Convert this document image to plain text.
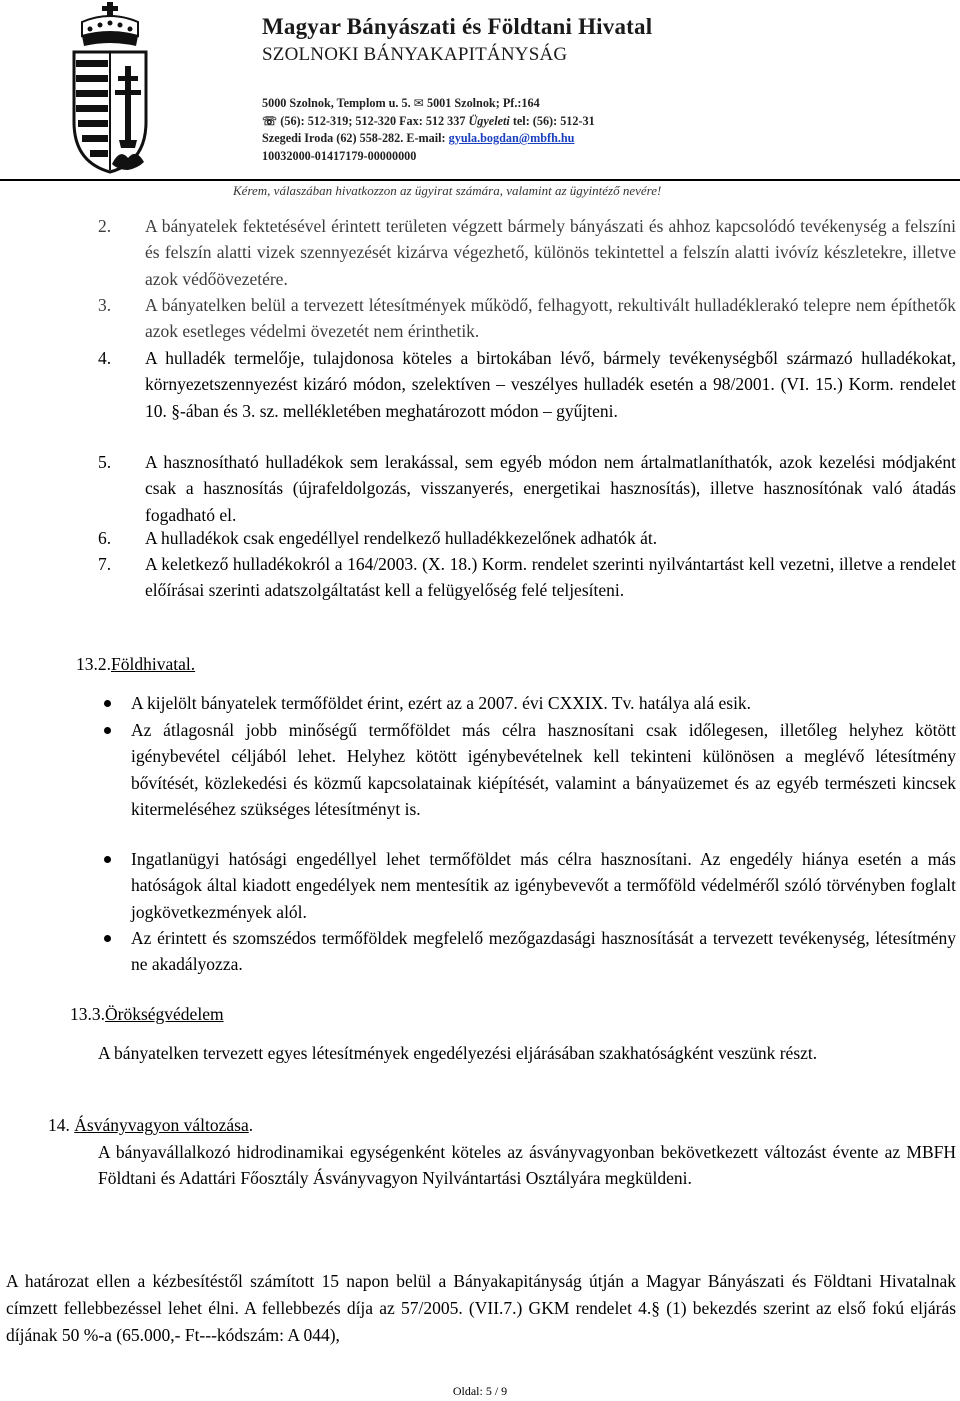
Magyar Bányászati és Földtani Hivatal
SZOLNOKI BÁNYAKAPITÁNYSÁG
5000 Szolnok, Templom u. 5. ✉ 5001 Szolnok; Pf.:164
☏ (56): 512-319; 512-320 Fax: 512 337 Ügyeleti tel: (56): 512-31
Szegedi Iroda (62) 558-282. E-mail: gyula.bogdan@mbfh.hu
10032000-01417179-00000000
Kérem, válaszában hivatkozzon az ügyirat számára, valamint az ügyintéző nevére!
2. A bányatelek fektetésével érintett területen végzett bármely bányászati és ahhoz kapcsolódó tevékenység a felszíni és felszín alatti vizek szennyezését kizárva végezhető, különös tekintettel a felszín alatti ivóvíz készletekre, illetve azok védőövezetére.
3. A bányatelken belül a tervezett létesítmények működő, felhagyott, rekultivált hulladéklerakó telepre nem építhetők azok esetleges védelmi övezetét nem érinthetik.
4. A hulladék termelője, tulajdonosa köteles a birtokában lévő, bármely tevékenységből származó hulladékokat, környezetszennyezést kizáró módon, szelektíven – veszélyes hulladék esetén a 98/2001. (VI. 15.) Korm. rendelet 10. §-ában és 3. sz. mellékletében meghatározott módon – gyűjteni.
5. A hasznosítható hulladékok sem lerakással, sem egyéb módon nem ártalmatlaníthatók, azok kezelési módjaként csak a hasznosítás (újrafeldolgozás, visszanyerés, energetikai hasznosítás), illetve hasznosítónak való átadás fogadható el.
6. A hulladékok csak engedéllyel rendelkező hulladékkezelőnek adhatók át.
7. A keletkező hulladékokról a 164/2003. (X. 18.) Korm. rendelet szerinti nyilvántartást kell vezetni, illetve a rendelet előírásai szerinti adatszolgáltatást kell a felügyelőség felé teljesíteni.
13.2.Földhivatal.
A kijelölt bányatelek termőföldet érint, ezért az a 2007. évi CXXIX. Tv. hatálya alá esik.
Az átlagosnál jobb minőségű termőföldet más célra hasznosítani csak időlegesen, illetőleg helyhez kötött igénybevétel céljából lehet. Helyhez kötött igénybevételnek kell tekinteni különösen a meglévő létesítmény bővítését, közlekedési és közmű kapcsolatainak kiépítését, valamint a bányaüzemet és az egyéb természeti kincsek kitermeléséhez szükséges létesítményt is.
Ingatlanügyi hatósági engedéllyel lehet termőföldet más célra hasznosítani. Az engedély hiánya esetén a más hatóságok által kiadott engedélyek nem mentesítik az igénybevevőt a termőföld védelméről szóló törvényben foglalt jogkövetkezmények alól.
Az érintett és szomszédos termőföldek megfelelő mezőgazdasági hasznosítását a tervezett tevékenység, létesítmény ne akadályozza.
13.3.Örökségvédelem
A bányatelken tervezett egyes létesítmények engedélyezési eljárásában szakhatóságként veszünk részt.
14. Ásványvagyon változása.
A bányavállalkozó hidrodinamikai egységenként köteles az ásványvagyonban bekövetkezett változást évente az MBFH Földtani és Adattári Főosztály Ásványvagyon Nyilvántartási Osztályára megküldeni.
A határozat ellen a kézbesítéstől számított 15 napon belül a Bányakapitányság útján a Magyar Bányászati és Földtani Hivatalnak címzett fellebbezéssel lehet élni. A fellebbezés díja az 57/2005. (VII.7.) GKM rendelet 4.§ (1) bekezdés szerint az első fokú eljárás díjának 50 %-a (65.000,- Ft---kódszám: A 044),
Oldal: 5 / 9
